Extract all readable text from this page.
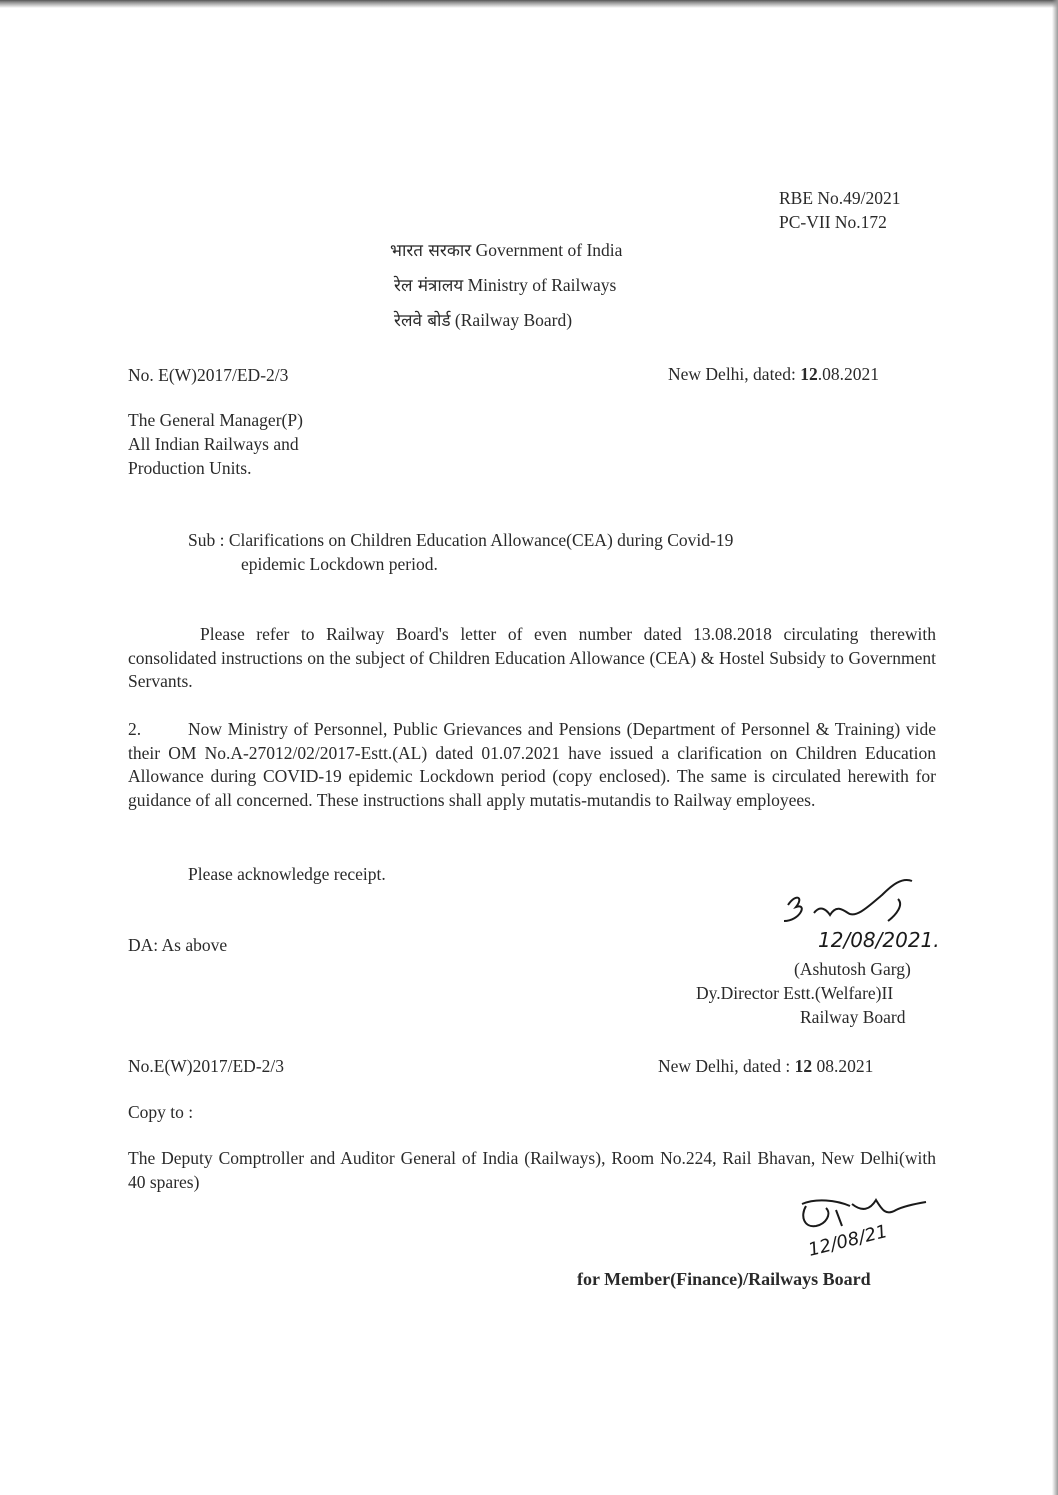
RBE No.49/2021
PC-VII No.172
भारत सरकार Government of India
रेल मंत्रालय Ministry of Railways
रेलवे बोर्ड (Railway Board)
No. E(W)2017/ED-2/3	New Delhi, dated: 12.08.2021
The General Manager(P)
All Indian Railways and
Production Units.
Sub : Clarifications on Children Education Allowance(CEA) during Covid-19
epidemic Lockdown period.
Please refer to Railway Board's letter of even number dated 13.08.2018 circulating therewith consolidated instructions on the subject of Children Education Allowance (CEA) & Hostel Subsidy to Government Servants.
2.	Now Ministry of Personnel, Public Grievances and Pensions (Department of Personnel & Training) vide their OM No.A-27012/02/2017-Estt.(AL) dated 01.07.2021 have issued a clarification on Children Education Allowance during COVID-19 epidemic Lockdown period (copy enclosed). The same is circulated herewith for guidance of all concerned. These instructions shall apply mutatis-mutandis to Railway employees.
Please acknowledge receipt.
DA: As above	12/08/2021.
(Ashutosh Garg)
Dy.Director Estt.(Welfare)II
Railway Board
No.E(W)2017/ED-2/3	New Delhi, dated : 12 08.2021
Copy to :
The Deputy Comptroller and Auditor General of India (Railways), Room No.224, Rail Bhavan, New Delhi(with 40 spares)
12/08/21
for Member(Finance)/Railways Board
